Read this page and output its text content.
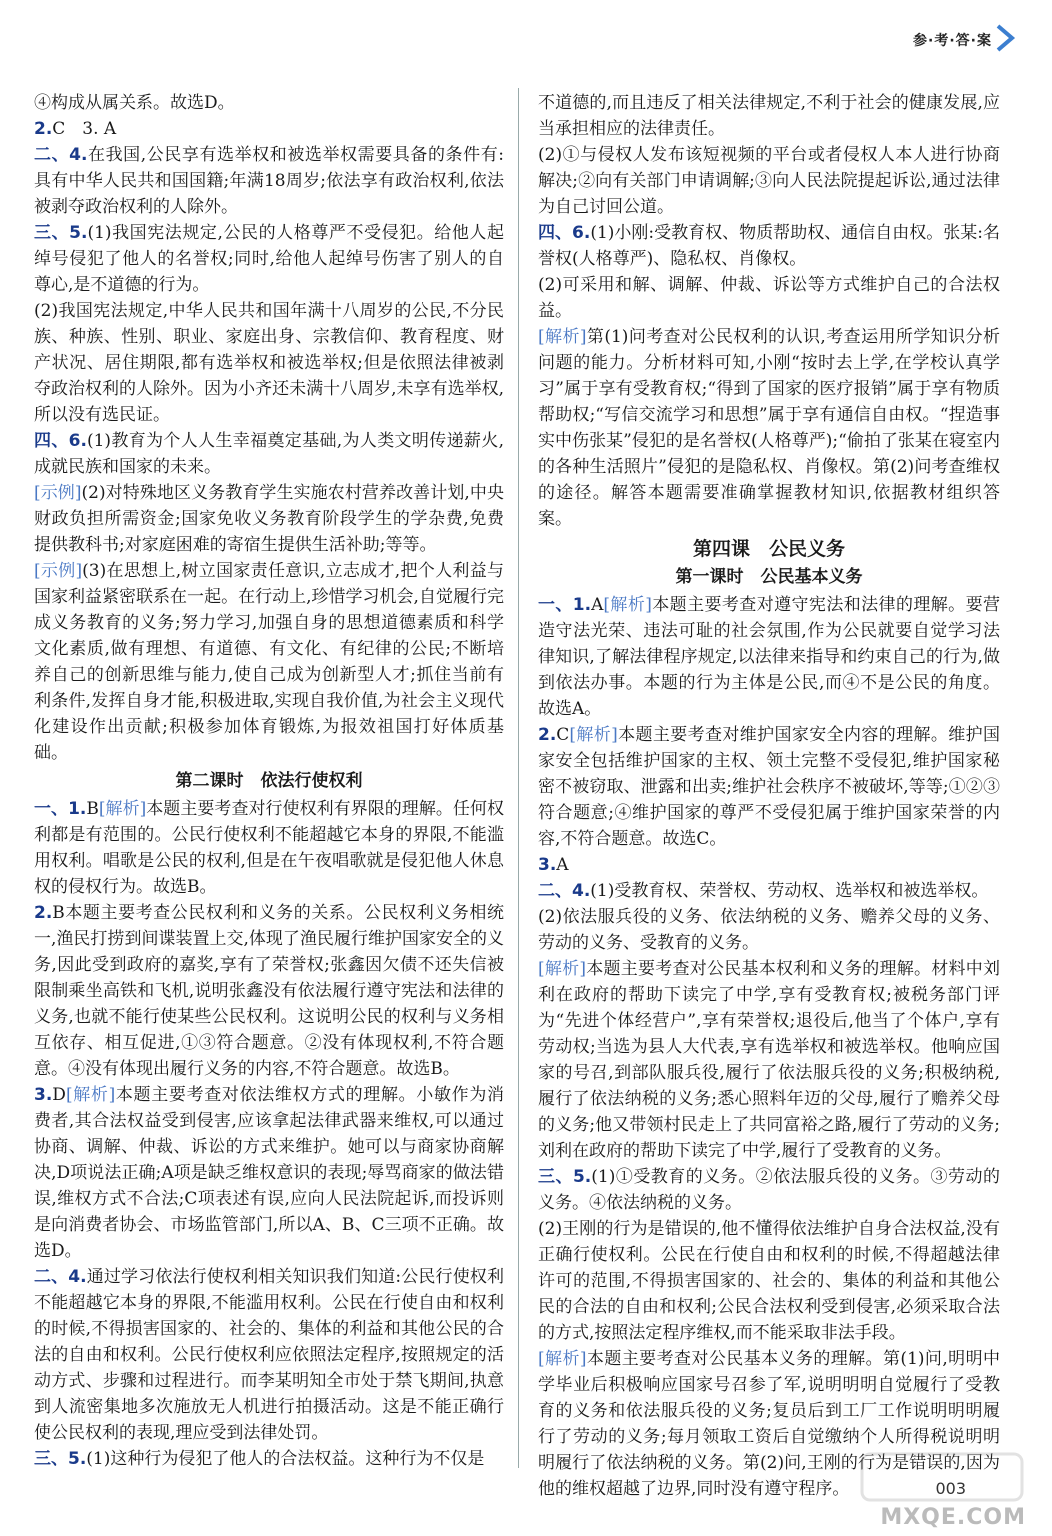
参·考·答·案

④构成从属关系。故选D。

2.C　3. A

二、4.在我国,公民享有选举权和被选举权需要具备的条件有:具有中华人民共和国国籍;年满18周岁;依法享有政治权利,依法被剥夺政治权利的人除外。

三、5.(1)我国宪法规定,公民的人格尊严不受侵犯。给他人起绰号侵犯了他人的名誉权;同时,给他人起绰号伤害了别人的自尊心,是不道德的行为。

(2)我国宪法规定,中华人民共和国年满十八周岁的公民,不分民族、种族、性别、职业、家庭出身、宗教信仰、教育程度、财产状况、居住期限,都有选举权和被选举权;但是依照法律被剥夺政治权利的人除外。因为小齐还未满十八周岁,未享有选举权,所以没有选民证。

四、6.(1)教育为个人人生幸福奠定基础,为人类文明传递薪火,成就民族和国家的未来。

[示例](2)对特殊地区义务教育学生实施农村营养改善计划,中央财政负担所需资金;国家免收义务教育阶段学生的学杂费,免费提供教科书;对家庭困难的寄宿生提供生活补助;等等。

[示例](3)在思想上,树立国家责任意识,立志成才,把个人利益与国家利益紧密联系在一起。在行动上,珍惜学习机会,自觉履行完成义务教育的义务;努力学习,加强自身的思想道德素质和科学文化素质,做有理想、有道德、有文化、有纪律的公民;不断培养自己的创新思维与能力,使自己成为创新型人才;抓住当前有利条件,发挥自身才能,积极进取,实现自我价值,为社会主义现代化建设作出贡献;积极参加体育锻炼,为报效祖国打好体质基础。

第二课时　依法行使权利

一、1.B[解析]本题主要考查对行使权利有界限的理解。任何权利都是有范围的。公民行使权利不能超越它本身的界限,不能滥用权利。唱歌是公民的权利,但是在午夜唱歌就是侵犯他人休息权的侵权行为。故选B。

2.B本题主要考查公民权利和义务的关系。公民权利义务相统一,渔民打捞到间谍装置上交,体现了渔民履行维护国家安全的义务,因此受到政府的嘉奖,享有了荣誉权;张鑫因欠债不还失信被限制乘坐高铁和飞机,说明张鑫没有依法履行遵守宪法和法律的义务,也就不能行使某些公民权利。这说明公民的权利与义务相互依存、相互促进,①③符合题意。②没有体现权利,不符合题意。④没有体现出履行义务的内容,不符合题意。故选B。

3.D[解析]本题主要考查对依法维权方式的理解。小敏作为消费者,其合法权益受到侵害,应该拿起法律武器来维权,可以通过协商、调解、仲裁、诉讼的方式来维护。她可以与商家协商解决,D项说法正确;A项是缺乏维权意识的表现;辱骂商家的做法错误,维权方式不合法;C项表述有误,应向人民法院起诉,而投诉则是向消费者协会、市场监管部门,所以A、B、C三项不正确。故选D。

二、4.通过学习依法行使权利相关知识我们知道:公民行使权利不能超越它本身的界限,不能滥用权利。公民在行使自由和权利的时候,不得损害国家的、社会的、集体的利益和其他公民的合法的自由和权利。公民行使权利应依照法定程序,按照规定的活动方式、步骤和过程进行。而李某明知全市处于禁飞期间,执意到人流密集地多次施放无人机进行拍摄活动。这是不能正确行使公民权利的表现,理应受到法律处罚。

三、5.(1)这种行为侵犯了他人的合法权益。这种行为不仅是

不道德的,而且违反了相关法律规定,不利于社会的健康发展,应当承担相应的法律责任。

(2)①与侵权人发布该短视频的平台或者侵权人本人进行协商解决;②向有关部门申请调解;③向人民法院提起诉讼,通过法律为自己讨回公道。

四、6.(1)小刚:受教育权、物质帮助权、通信自由权。张某:名誉权(人格尊严)、隐私权、肖像权。

(2)可采用和解、调解、仲裁、诉讼等方式维护自己的合法权益。

[解析]第(1)问考查对公民权利的认识,考查运用所学知识分析问题的能力。分析材料可知,小刚“按时去上学,在学校认真学习”属于享有受教育权;“得到了国家的医疗报销”属于享有物质帮助权;“写信交流学习和思想”属于享有通信自由权。“捏造事实中伤张某”侵犯的是名誉权(人格尊严);“偷拍了张某在寝室内的各种生活照片”侵犯的是隐私权、肖像权。第(2)问考查维权的途径。解答本题需要准确掌握教材知识,依据教材组织答案。

第四课　公民义务
第一课时　公民基本义务

一、1.A[解析]本题主要考查对遵守宪法和法律的理解。要营造守法光荣、违法可耻的社会氛围,作为公民就要自觉学习法律知识,了解法律程序规定,以法律来指导和约束自己的行为,做到依法办事。本题的行为主体是公民,而④不是公民的角度。故选A。

2.C[解析]本题主要考查对维护国家安全内容的理解。维护国家安全包括维护国家的主权、领土完整不受侵犯,维护国家秘密不被窃取、泄露和出卖;维护社会秩序不被破坏,等等;①②③符合题意;④维护国家的尊严不受侵犯属于维护国家荣誉的内容,不符合题意。故选C。

3.A

二、4.(1)受教育权、荣誉权、劳动权、选举权和被选举权。

(2)依法服兵役的义务、依法纳税的义务、赡养父母的义务、劳动的义务、受教育的义务。

[解析]本题主要考查对公民基本权利和义务的理解。材料中刘利在政府的帮助下读完了中学,享有受教育权;被税务部门评为“先进个体经营户”,享有荣誉权;退役后,他当了个体户,享有劳动权;当选为县人大代表,享有选举权和被选举权。他响应国家的号召,到部队服兵役,履行了依法服兵役的义务;积极纳税,履行了依法纳税的义务;悉心照料年迈的父母,履行了赡养父母的义务;他又带领村民走上了共同富裕之路,履行了劳动的义务;刘利在政府的帮助下读完了中学,履行了受教育的义务。

三、5.(1)①受教育的义务。②依法服兵役的义务。③劳动的义务。④依法纳税的义务。

(2)王刚的行为是错误的,他不懂得依法维护自身合法权益,没有正确行使权利。公民在行使自由和权利的时候,不得超越法律许可的范围,不得损害国家的、社会的、集体的利益和其他公民的合法的自由和权利;公民合法权利受到侵害,必须采取合法的方式,按照法定程序维权,而不能采取非法手段。

[解析]本题主要考查对公民基本义务的理解。第(1)问,明明中学毕业后积极响应国家号召参了军,说明明明自觉履行了受教育的义务和依法服兵役的义务;复员后到工厂工作说明明明履行了劳动的义务;每月领取工资后自觉缴纳个人所得税说明明明履行了依法纳税的义务。第(2)问,王刚的行为是错误的,因为他的维权超越了边界,同时没有遵守程序。	003
MXQE.COM
